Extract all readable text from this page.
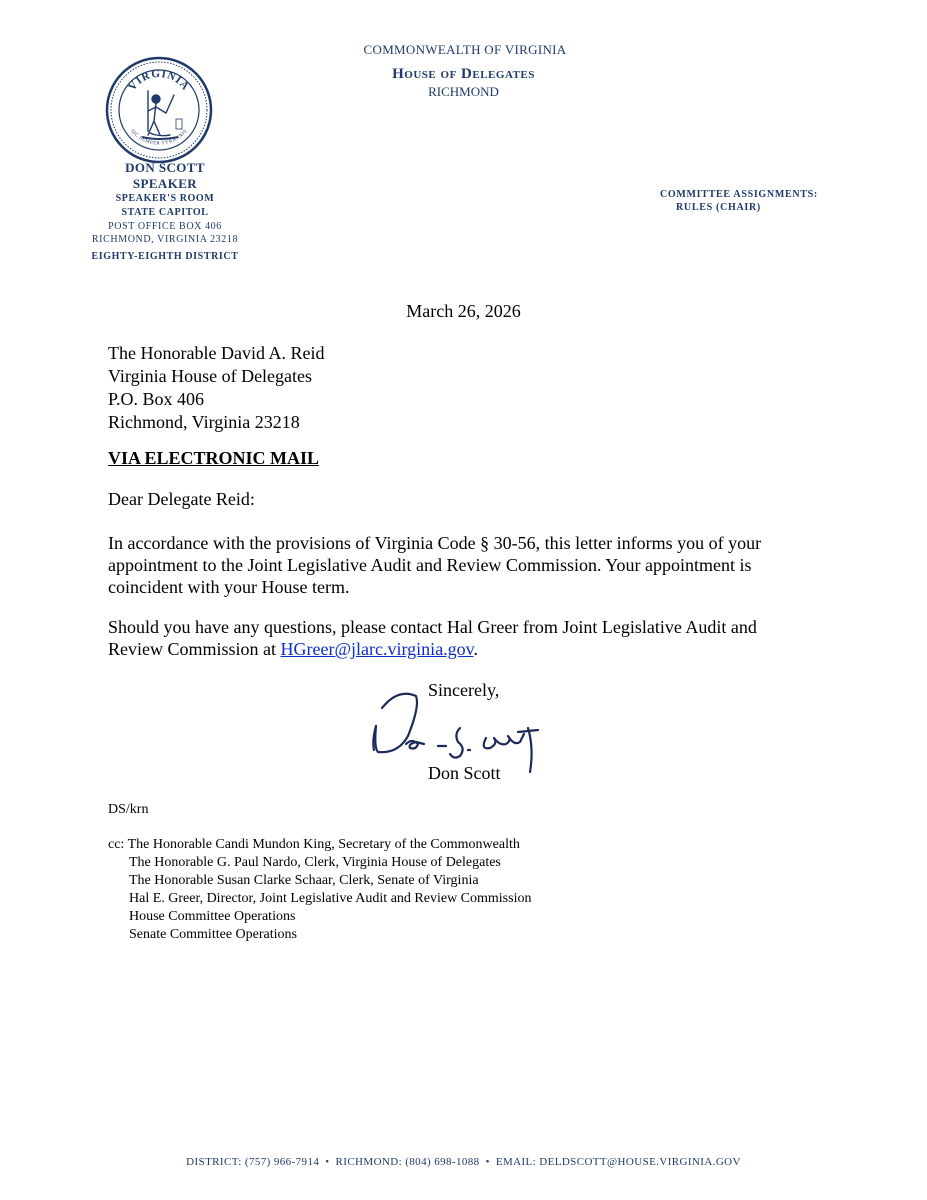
COMMONWEALTH OF VIRGINIA
House of Delegates
RICHMOND
VIRGINIA
SIC SEMPER TYRANNIS
DON SCOTT
SPEAKER
SPEAKER'S ROOM
STATE CAPITOL
POST OFFICE BOX 406
RICHMOND, VIRGINIA 23218
EIGHTY-EIGHTH DISTRICT
COMMITTEE ASSIGNMENTS:
RULES (CHAIR)
March 26, 2026
The Honorable David A. Reid
Virginia House of Delegates
P.O. Box 406
Richmond, Virginia 23218
VIA ELECTRONIC MAIL
Dear Delegate Reid:
In accordance with the provisions of Virginia Code § 30-56, this letter informs you of your appointment to the Joint Legislative Audit and Review Commission. Your appointment is coincident with your House term.
Should you have any questions, please contact Hal Greer from Joint Legislative Audit and Review Commission at HGreer@jlarc.virginia.gov.
Sincerely,
Don Scott
DS/krn
cc: The Honorable Candi Mundon King, Secretary of the Commonwealth
The Honorable G. Paul Nardo, Clerk, Virginia House of Delegates
The Honorable Susan Clarke Schaar, Clerk, Senate of Virginia
Hal E. Greer, Director, Joint Legislative Audit and Review Commission
House Committee Operations
Senate Committee Operations
DISTRICT: (757) 966-7914 • RICHMOND: (804) 698-1088 • EMAIL: DELDSCOTT@HOUSE.VIRGINIA.GOV
